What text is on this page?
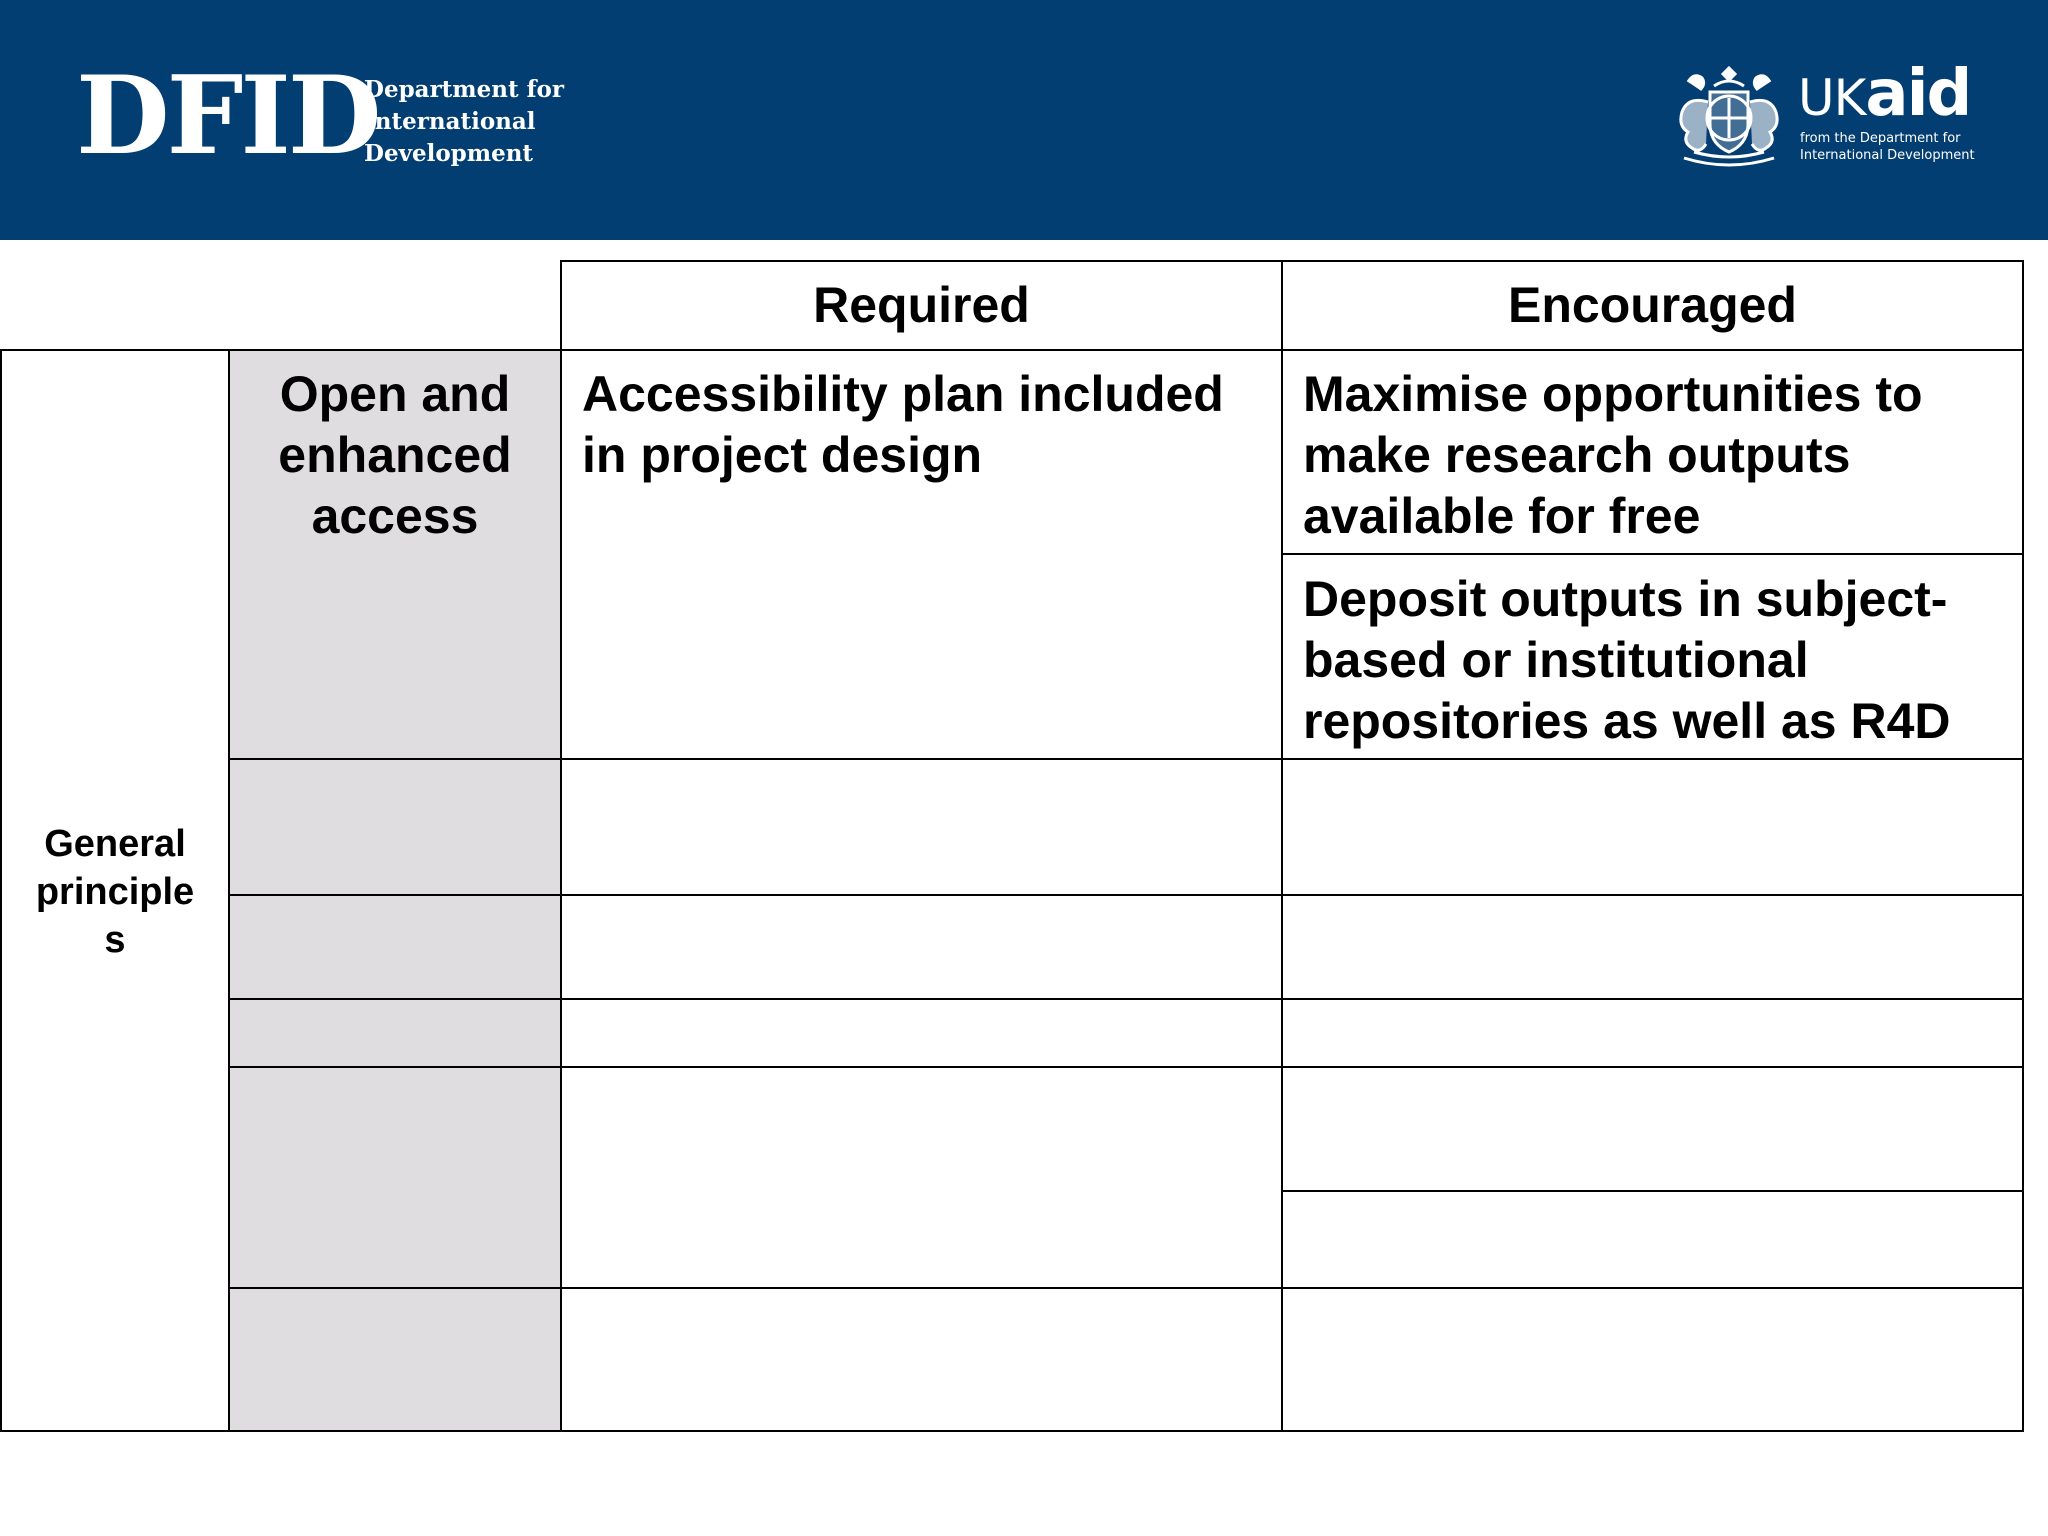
DFID
Department for
International
Development
UKaid
from the Department for
International Development
Required	Encouraged
General
principle
s
Open and
enhanced
access
Accessibility plan included
in project design
Maximise opportunities to
make research outputs
available for free
Deposit outputs in subject-
based or institutional
repositories as well as R4D
